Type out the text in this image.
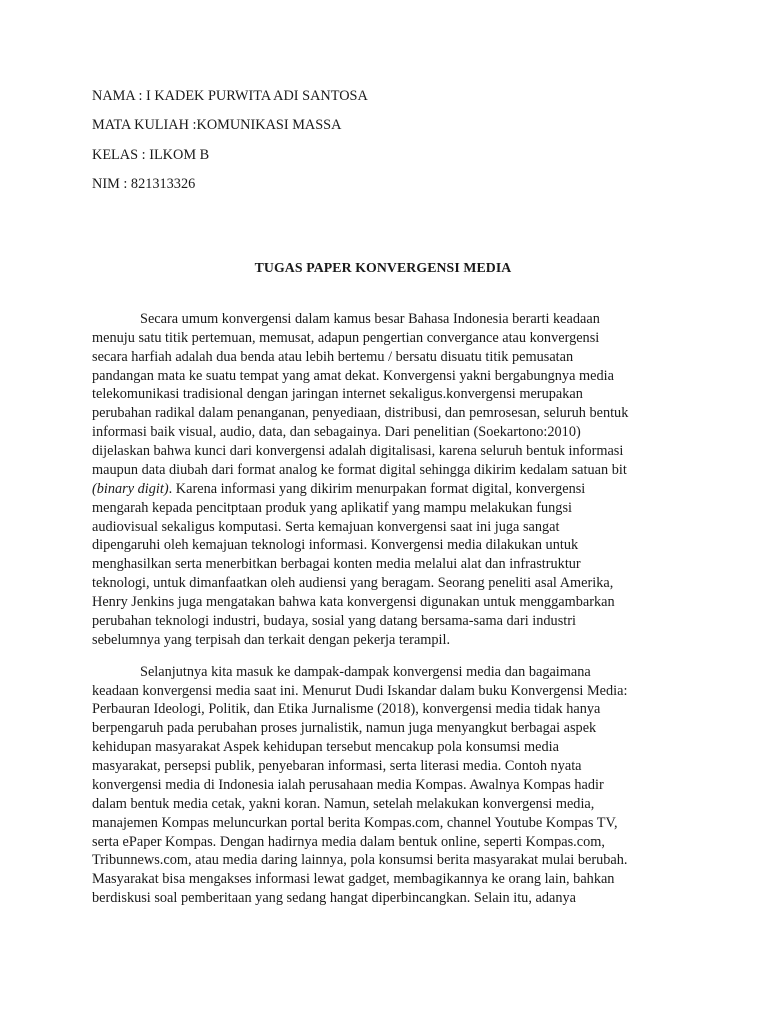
NAMA : I KADEK PURWITA ADI SANTOSA
MATA KULIAH :KOMUNIKASI MASSA
KELAS : ILKOM B
NIM : 821313326
TUGAS PAPER KONVERGENSI MEDIA
Secara umum konvergensi dalam kamus besar Bahasa Indonesia berarti keadaan
menuju satu titik pertemuan, memusat, adapun pengertian convergance atau konvergensi
secara harfiah adalah dua benda atau lebih bertemu / bersatu disuatu titik pemusatan
pandangan mata ke suatu tempat yang amat dekat. Konvergensi yakni bergabungnya media
telekomunikasi tradisional dengan jaringan internet sekaligus.konvergensi merupakan
perubahan radikal dalam penanganan, penyediaan, distribusi, dan pemrosesan, seluruh bentuk
informasi baik visual, audio, data, dan sebagainya. Dari penelitian (Soekartono:2010)
dijelaskan bahwa kunci dari konvergensi adalah digitalisasi, karena seluruh bentuk informasi
maupun data diubah dari format analog ke format digital sehingga dikirim kedalam satuan bit
(binary digit). Karena informasi yang dikirim menurpakan format digital, konvergensi
mengarah kepada pencitptaan produk yang aplikatif yang mampu melakukan fungsi
audiovisual sekaligus komputasi. Serta kemajuan konvergensi saat ini juga sangat
dipengaruhi oleh kemajuan teknologi informasi. Konvergensi media dilakukan untuk
menghasilkan serta menerbitkan berbagai konten media melalui alat dan infrastruktur
teknologi, untuk dimanfaatkan oleh audiensi yang beragam. Seorang peneliti asal Amerika,
Henry Jenkins juga mengatakan bahwa kata konvergensi digunakan untuk menggambarkan
perubahan teknologi industri, budaya, sosial yang datang bersama-sama dari industri
sebelumnya yang terpisah dan terkait dengan pekerja terampil.
Selanjutnya kita masuk ke dampak-dampak konvergensi media dan bagaimana
keadaan konvergensi media saat ini. Menurut Dudi Iskandar dalam buku Konvergensi Media:
Perbauran Ideologi, Politik, dan Etika Jurnalisme (2018), konvergensi media tidak hanya
berpengaruh pada perubahan proses jurnalistik, namun juga menyangkut berbagai aspek
kehidupan masyarakat Aspek kehidupan tersebut mencakup pola konsumsi media
masyarakat, persepsi publik, penyebaran informasi, serta literasi media. Contoh nyata
konvergensi media di Indonesia ialah perusahaan media Kompas. Awalnya Kompas hadir
dalam bentuk media cetak, yakni koran. Namun, setelah melakukan konvergensi media,
manajemen Kompas meluncurkan portal berita Kompas.com, channel Youtube Kompas TV,
serta ePaper Kompas. Dengan hadirnya media dalam bentuk online, seperti Kompas.com,
Tribunnews.com, atau media daring lainnya, pola konsumsi berita masyarakat mulai berubah.
Masyarakat bisa mengakses informasi lewat gadget, membagikannya ke orang lain, bahkan
berdiskusi soal pemberitaan yang sedang hangat diperbincangkan. Selain itu, adanya
